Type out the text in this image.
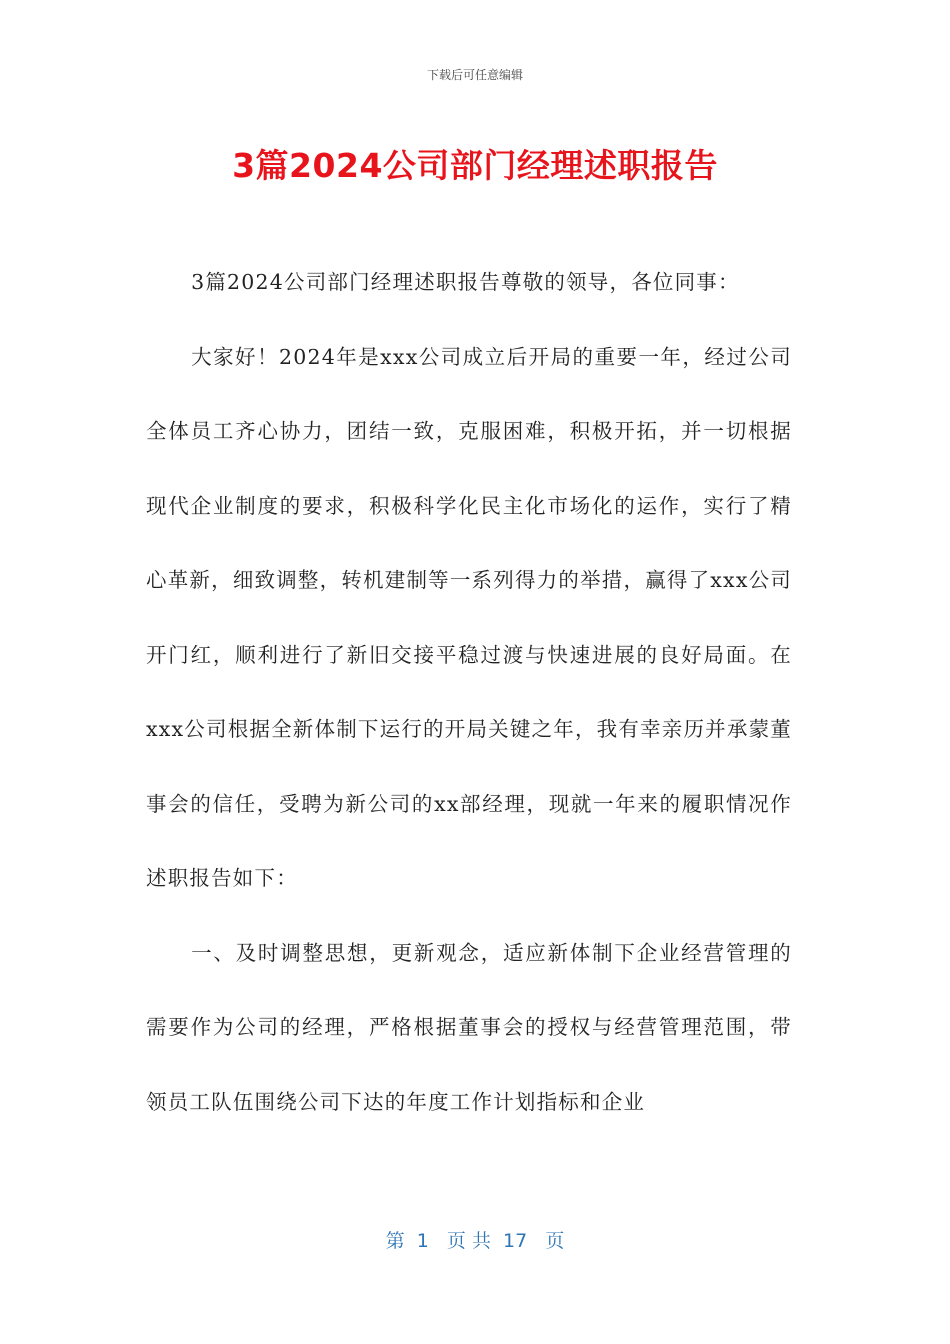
下载后可任意编辑
3篇2024公司部门经理述职报告

3篇2024公司部门经理述职报告尊敬的领导，各位同事：

大家好！2024年是xxx公司成立后开局的重要一年，经过公司全体员工齐心协力，团结一致，克服困难，积极开拓，并一切根据现代企业制度的要求，积极科学化民主化市场化的运作，实行了精心革新，细致调整，转机建制等一系列得力的举措，赢得了xxx公司开门红，顺利进行了新旧交接平稳过渡与快速进展的良好局面。在xxx公司根据全新体制下运行的开局关键之年，我有幸亲历并承蒙董事会的信任，受聘为新公司的xx部经理，现就一年来的履职情况作述职报告如下：

一、及时调整思想，更新观念，适应新体制下企业经营管理的需要作为公司的经理，严格根据董事会的授权与经营管理范围，带领员工队伍围绕公司下达的年度工作计划指标和企业

第  1   页 共  17   页
